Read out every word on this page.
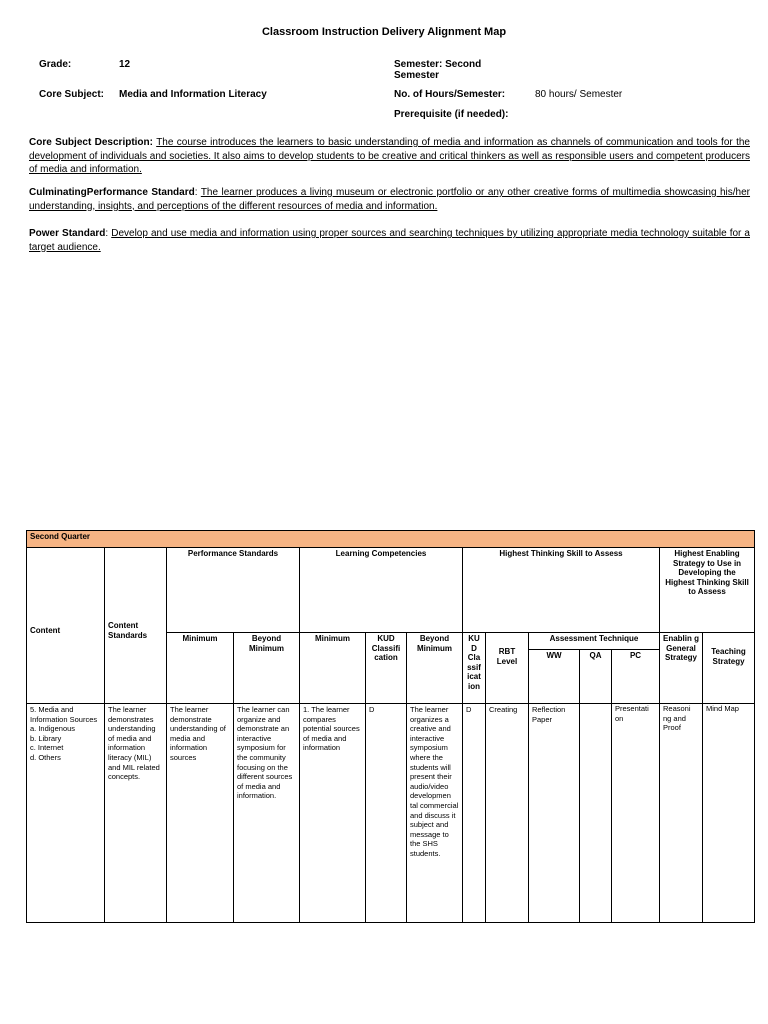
Classroom Instruction Delivery Alignment Map
Grade:	12	Semester: Second
Semester
Core Subject: Media and Information Literacy	No. of Hours/Semester:	80 hours/ Semester
Prerequisite (if needed):
Core Subject Description: The course introduces the learners to basic understanding of media and information as channels of communication and tools for the development of individuals and societies. It also aims to develop students to be creative and critical thinkers as well as responsible users and competent producers of media and information.
CulminatingPerformance Standard: The learner produces a living museum or electronic portfolio or any other creative forms of multimedia showcasing his/her understanding, insights, and perceptions of the different resources of media and information.
Power Standard: Develop and use media and information using proper sources and searching techniques by utilizing appropriate media technology suitable for a target audience.
Second Quarter													
Content	Content Standards	Performance Standards		Learning Competencies			Highest Thinking Skill to Assess					Highest Enabling Strategy to Use in Developing the Highest Thinking Skill to Assess	
		Minimum	Beyond Minimum	Minimum	KUD Classifi cation	Beyond Minimum	KU D Cla ssif icat ion	RBT Level	Assessment Technique			Enablin g General Strategy	Teaching Strategy
									WW	QA	PC		
5. Media and Information Sources
a. Indigenous
b. Library
c. Internet
d. Others	The learner demonstrates understanding of media and information literacy (MIL) and MIL related concepts.	The learner demonstrate understanding of media and information sources	The learner can organize and demonstrate an interactive symposium for the community focusing on the different sources of media and information.	1. The learner compares potential sources of media and information	D	The learner organizes a creative and interactive symposium where the students will present their audio/video developmen tal commercial and discuss it subject and message to the SHS students.	D	Creating	Reflection Paper		Presentati on	Reasoni ng and Proof	Mind Map
